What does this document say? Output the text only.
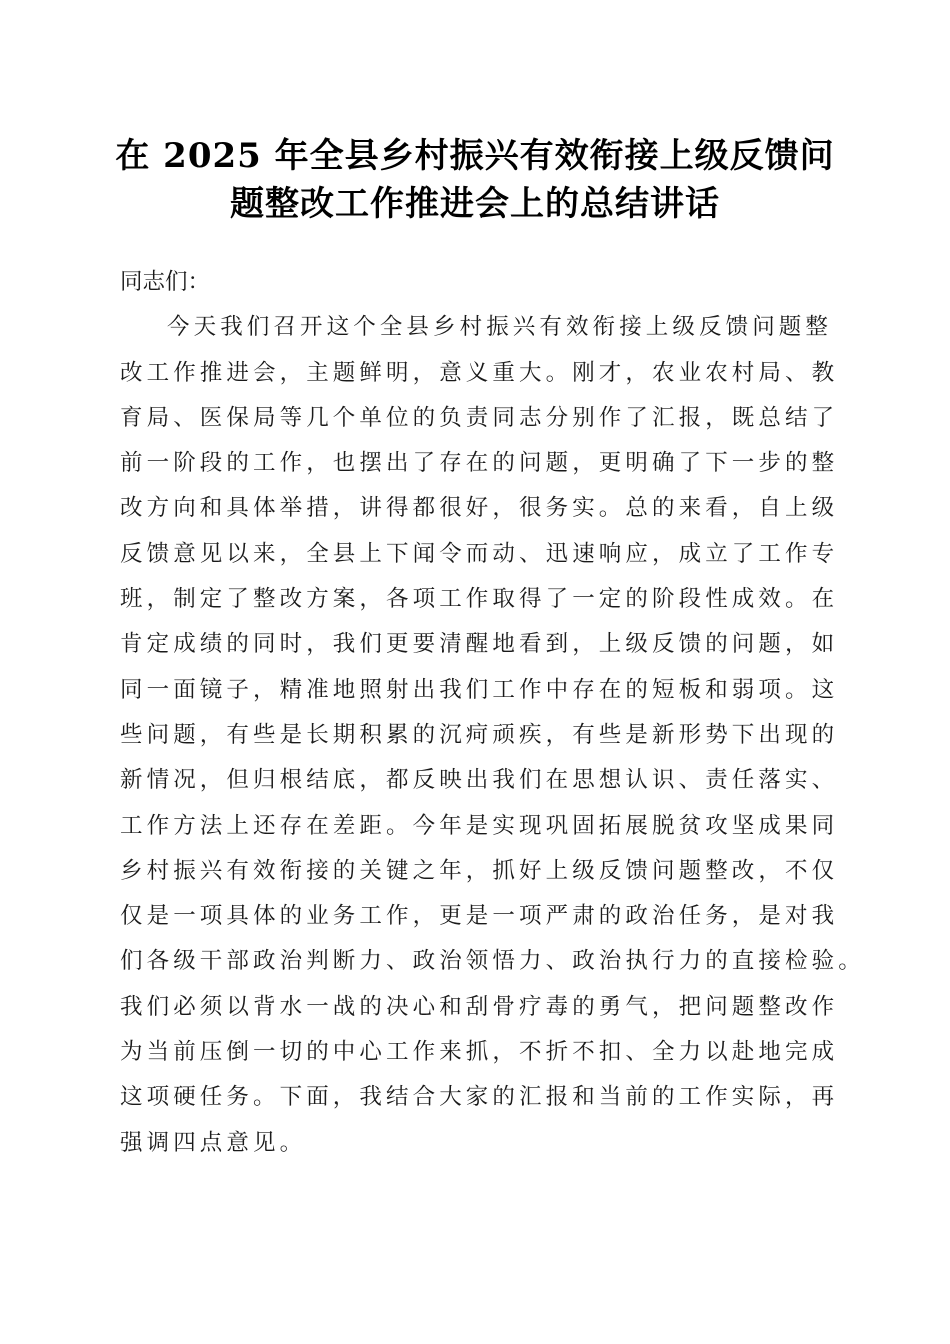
在 2025 年全县乡村振兴有效衔接上级反馈问
题整改工作推进会上的总结讲话

同志们：

今天我们召开这个全县乡村振兴有效衔接上级反馈问题整
改工作推进会，主题鲜明，意义重大。刚才，农业农村局、教
育局、医保局等几个单位的负责同志分别作了汇报，既总结了
前一阶段的工作，也摆出了存在的问题，更明确了下一步的整
改方向和具体举措，讲得都很好，很务实。总的来看，自上级
反馈意见以来，全县上下闻令而动、迅速响应，成立了工作专
班，制定了整改方案，各项工作取得了一定的阶段性成效。在
肯定成绩的同时，我们更要清醒地看到，上级反馈的问题，如
同一面镜子，精准地照射出我们工作中存在的短板和弱项。这
些问题，有些是长期积累的沉疴顽疾，有些是新形势下出现的
新情况，但归根结底，都反映出我们在思想认识、责任落实、
工作方法上还存在差距。今年是实现巩固拓展脱贫攻坚成果同
乡村振兴有效衔接的关键之年，抓好上级反馈问题整改，不仅
仅是一项具体的业务工作，更是一项严肃的政治任务，是对我
们各级干部政治判断力、政治领悟力、政治执行力的直接检验。
我们必须以背水一战的决心和刮骨疗毒的勇气，把问题整改作
为当前压倒一切的中心工作来抓，不折不扣、全力以赴地完成
这项硬任务。下面，我结合大家的汇报和当前的工作实际，再
强调四点意见。
